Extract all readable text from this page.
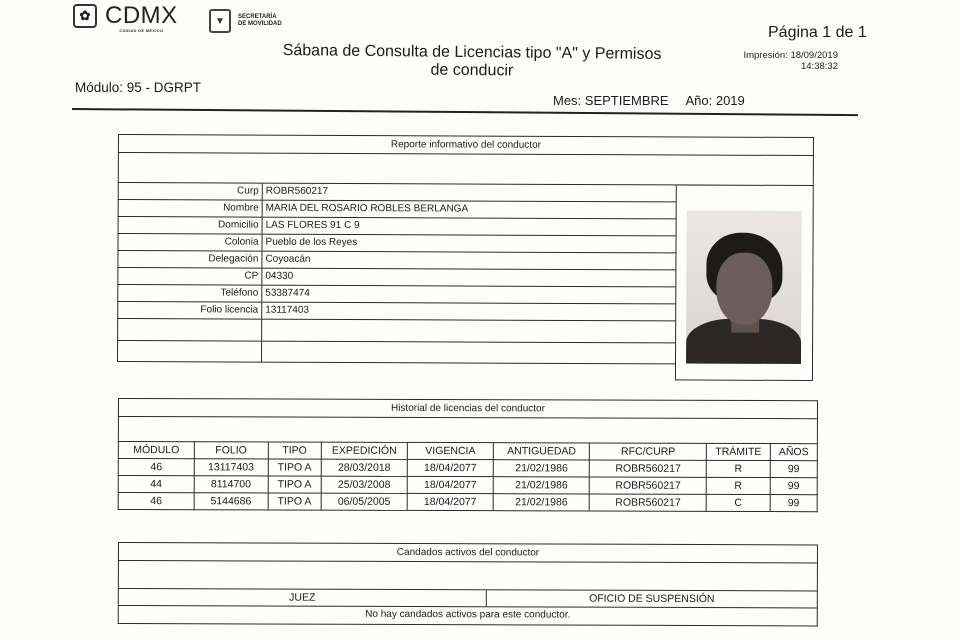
✿ CDMX
CIUDAD DE MÉXICO
▼	SECRETARÍA
DE MOVILIDAD
Sábana de Consulta de Licencias tipo "A" y Permisos
de conducir
Página 1 de 1
Impresión: 18/09/2019
14:38:32
Módulo: 95 - DGRPT
Mes: SEPTIEMBRE Año: 2019
Reporte informativo del conductor
Curp ROBR560217
Nombre MARIA DEL ROSARIO ROBLES BERLANGA
Domicilio LAS FLORES 91 C 9
Colonia Pueblo de los Reyes
Delegación Coyoacán
CP 04330
Teléfono 53387474
Folio licencia 13117403
Historial de licencias del conductor
MÓDULO	FOLIO	TIPO	EXPEDICIÓN	VIGENCIA	ANTIGÜEDAD	RFC/CURP	TRÁMITE	AÑOS
46	13117403	TIPO A	28/03/2018	18/04/2077	21/02/1986	ROBR560217	R	99
44	8114700	TIPO A	25/03/2008	18/04/2077	21/02/1986	ROBR560217	R	99
46	5144686	TIPO A	06/05/2005	18/04/2077	21/02/1986	ROBR560217	C	99
Candados activos del conductor
JUEZ	OFICIO DE SUSPENSIÓN
No hay candados activos para este conductor.
